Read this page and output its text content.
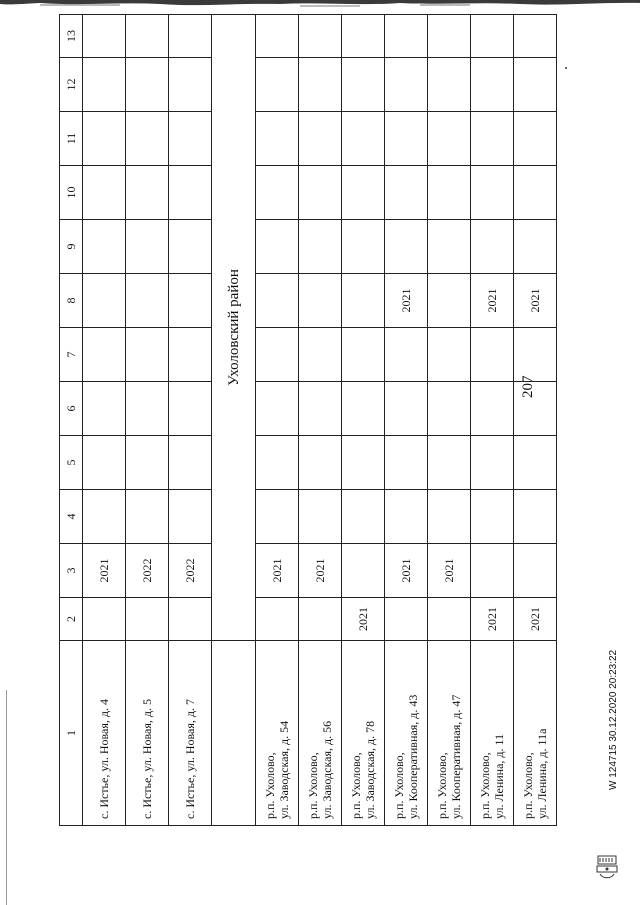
207
1	2	3	4	5	6	7	8	9	10	11	12	13
с. Истье, ул. Новая, д. 4		2021										
с. Истье, ул. Новая, д. 5		2022										
с. Истье, ул. Новая, д. 7		2022										
	Ухоловский район											
р.п. Ухолово,
ул. Заводская, д. 54		2021										
р.п. Ухолово,
ул. Заводская, д. 56		2021										
р.п. Ухолово,
ул. Заводская, д. 78	2021											
р.п. Ухолово,
ул. Кооперативная, д. 43		2021					2021					
р.п. Ухолово,
ул. Кооперативная, д. 47		2021										
р.п. Ухолово,
ул. Ленина, д. 11	2021						2021					
р.п. Ухолово,
ул. Ленина, д. 11а	2021						2021					
W 124715 30.12.2020 20:23:22
